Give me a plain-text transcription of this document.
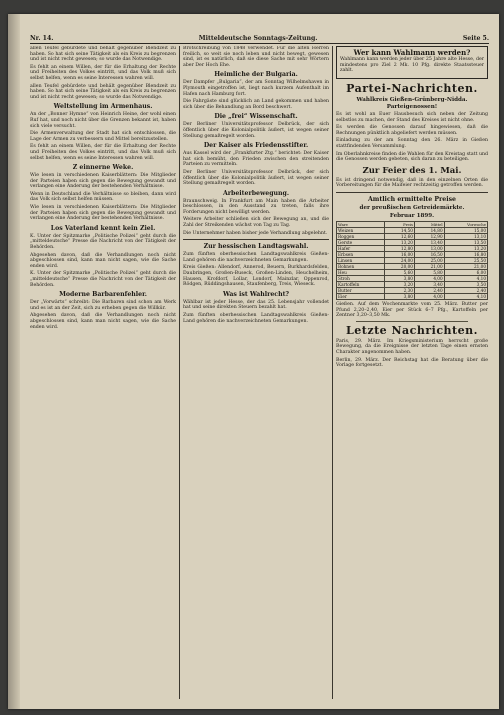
Nr. 14.	Mitteldeutsche Sonntags-Zeitung.	Seite 5.

allen Teufel gebürdete und behält gegenüber Blendzeit zu haben. So hat sich seine Tätigkeit als ein Kreis zu begrenzen und ist nicht recht gewesen; so wurde das Notwendige.

Es fehlt an einem Willen, der für die Erhaltung der Rechte und Freiheiten des Volkes eintritt, und das Volk muß sich selbst helfen, wenn es seine Interessen wahren will.

allen Teufel gebürdete und behält gegenüber Blendzeit zu haben. So hat sich seine Tätigkeit als ein Kreis zu begrenzen und ist nicht recht gewesen; so wurde das Notwendige.

Weltstellung im Armenhaus.

An der „Bonner Hymne“ von Heinrich Heine, der wohl einen Ruf hat, und noch nicht über die Grenzen bekannt ist, haben sich viele versucht.

Die Armenverwaltung der Stadt hat sich entschlossen, die Lage der Armen zu verbessern und Mittel bereitzustellen.

Es fehlt an einem Willen, der für die Erhaltung der Rechte und Freiheiten des Volkes eintritt, und das Volk muß sich selbst helfen, wenn es seine Interessen wahren will.

Z einnerne Weke.

Wie lesen in verschiedenen Kaiserblättern: Die Mitglieder der Parteien haben sich gegen die Bewegung gewandt und verlangen eine Änderung der bestehenden Verhältnisse.

Wenn in Deutschland die Verhältnisse so bleiben, dann wird das Volk sich selbst helfen müssen.

Wie lesen in verschiedenen Kaiserblättern: Die Mitglieder der Parteien haben sich gegen die Bewegung gewandt und verlangen eine Änderung der bestehenden Verhältnisse.

Los Vaterland kennt kein Ziel.

K. Unter der Spitzmarke „Politische Polizei“ geht durch die „mitteldeutsche“ Presse die Nachricht von der Tätigkeit der Behörden.

Abgesehen davon, daß die Verhandlungen noch nicht abgeschlossen sind, kann man nicht sagen, wie die Sache enden wird.

K. Unter der Spitzmarke „Politische Polizei“ geht durch die „mitteldeutsche“ Presse die Nachricht von der Tätigkeit der Behörden.

Moderne Barbarenfehler.

Der „Vorwärts“ schreibt: Die Barbaren sind schon am Werk und es ist an der Zeit, sich zu erheben gegen die Willkür.

Abgesehen davon, daß die Verhandlungen noch nicht abgeschlossen sind, kann man nicht sagen, wie die Sache enden wird.

Brotschreibung von 1848 verwendet. Für die alten Herren freilich, so weit sie noch leben und nicht bewegt, gewesen sind, ist es natürlich, daß sie diese Sache mit sehr Wörtern aber Der Hoch Ehe.

Heimliche der Bulgaria.

Der Dampfer „Bulgaria“, der am Sonntag Wilhelmshaven in Plymouth eingetroffen ist, liegt nach kurzem Aufenthalt im Hafen nach Hamburg fort.

Die Fahrgäste sind glücklich an Land gekommen und haben sich über die Behandlung an Bord beschwert.

Die „frei“ Wissenschaft.

Der Berliner Universitätsprofessor Delbrück, der sich öffentlich über die Kolonialpolitik äußert, ist wegen seiner Stellung gemaßregelt worden.

Der Kaiser als Friedensstifter.

Aus Kassel wird der „Frankfurter Ztg.“ berichtet: Der Kaiser hat sich bemüht, den Frieden zwischen den streitenden Parteien zu vermitteln.

Der Berliner Universitätsprofessor Delbrück, der sich öffentlich über die Kolonialpolitik äußert, ist wegen seiner Stellung gemaßregelt worden.

Arbeiterbewegung.

Braunschweig. In Frankfurt am Main haben die Arbeiter beschlossen, in den Ausstand zu treten, falls ihre Forderungen nicht bewilligt werden.

Weitere Arbeiter schließen sich der Bewegung an, und die Zahl der Streikenden wächst von Tag zu Tag.

Die Unternehmer haben bisher jede Verhandlung abgelehnt.

Zur hessischen Landtagswahl.

Zum fünften oberhessischen Landtagswahlkreis Gießen-Land gehören die nachverzeichneten Gemarkungen.

Kreis Gießen: Allendorf, Annerod, Beuern, Burkhardsfelden, Daubringen, Großen-Buseck, Großen-Linden, Heuchelheim, Hausen, Krofdorf, Lollar, Londorf, Mainzlar, Oppenrod, Rödgen, Rüddingshausen, Staufenberg, Treis, Wieseck.

Was ist Wahlrecht?

Wählbar ist jeder Hesse, der das 25. Lebensjahr vollendet hat und seine direkten Steuern bezahlt hat.

Zum fünften oberhessischen Landtagswahlkreis Gießen-Land gehören die nachverzeichneten Gemarkungen.

Wer kann Wahlmann werden?

Wahlmann kann werden jeder über 25 Jahre alte Hesse, der mindestens pro Ziel 2 Mk. 10 Pfg. direkte Staatssteuer zahlt.

Partei-Nachrichten.
Wahlkreis Gießen-Grünberg-Nidda.
Parteigenossen!

Es ist wohl an Euer Hausbesuch sich neben der Zeitung selbstlos zu machen, der Stand des Kreises ist nicht ohne.

Es werden die Genossen darauf hingewiesen, daß die Rechnungen pünktlich abgeliefert werden müssen.

Einladung zu der am Sonntag den 26. März in Gießen stattfindenden Versammlung.

Im Oberlahnkreise finden die Wahlen für den Kreistag statt und die Genossen werden gebeten, sich daran zu beteiligen.

Zur Feier des 1. Mai.

Es ist dringend notwendig, daß in den einzelnen Orten die Vorbereitungen für die Maifeier rechtzeitig getroffen werden.

Amtlich ermittelte Preise
der preußischen Getreidemärkte.
Februar 1899.
Ware	Preis	Mittel	Vorwoche
Weizen	14,50	14,80	15,00
Roggen	12,60	12,90	13,10
Gerste	13,20	13,40	13,50
Hafer	12,80	13,00	13,20
Erbsen	16,00	16,50	16,80
Linsen	24,00	25,00	25,50
Bohnen	20,00	21,00	21,00
Heu	5,60	5,80	6,00
Stroh	3,80	4,00	4,10
Kartoffeln	3,20	3,40	3,50
Butter	2,30	2,40	2,40
Eier	3,80	4,00	4,10

Gießen. Auf dem Wochenmarkte vom 25. März. Butter per Pfund 2,20–2,40, Eier per Stück 6–7 Pfg., Kartoffeln per Zentner 3,20–3,50 Mk.

Letzte Nachrichten.

Paris, 29. März. Im Kriegsministerium herrscht große Bewegung, da die Ereignisse der letzten Tage einen ernsten Charakter angenommen haben.

Berlin, 29. März. Der Reichstag hat die Beratung über die Vorlage fortgesetzt.
